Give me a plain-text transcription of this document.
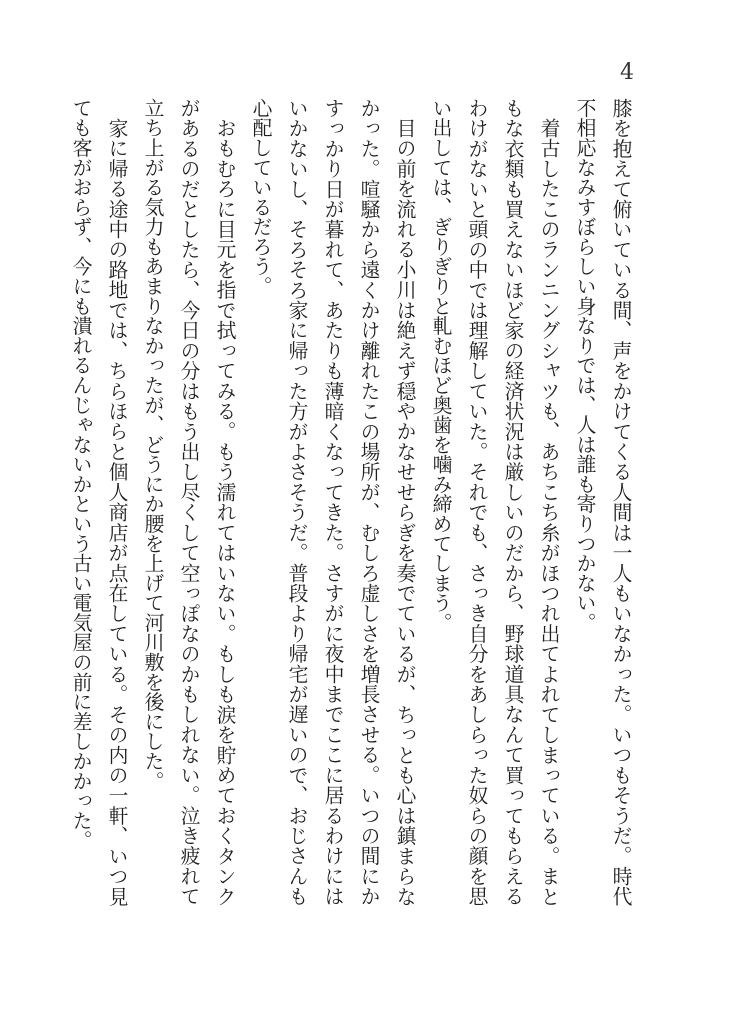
4

膝を抱えて俯いている間、声をかけてくる人間は一人もいなかった。いつもそうだ。時代不相応なみすぼらしい身なりでは、人は誰も寄りつかない。

着古したこのランニングシャツも、あちこち糸がほつれ出てよれてしまっている。まともな衣類も買えないほど家の経済状況は厳しいのだから、野球道具なんて買ってもらえるわけがないと頭の中では理解していた。それでも、さっき自分をあしらった奴らの顔を思い出しては、ぎりぎりと軋むほど奥歯を噛み締めてしまう。

目の前を流れる小川は絶えず穏やかなせせらぎを奏でているが、ちっとも心は鎮まらなかった。喧騒から遠くかけ離れたこの場所が、むしろ虚しさを増長させる。いつの間にかすっかり日が暮れて、あたりも薄暗くなってきた。さすがに夜中までここに居るわけにはいかないし、そろそろ家に帰った方がよさそうだ。普段より帰宅が遅いので、おじさんも心配しているだろう。

おもむろに目元を指で拭ってみる。もう濡れてはいない。もしも涙を貯めておくタンクがあるのだとしたら、今日の分はもう出し尽くして空っぽなのかもしれない。泣き疲れて立ち上がる気力もあまりなかったが、どうにか腰を上げて河川敷を後にした。

家に帰る途中の路地では、ちらほらと個人商店が点在している。その内の一軒、いつ見ても客がおらず、今にも潰れるんじゃないかという古い電気屋の前に差しかかった。
